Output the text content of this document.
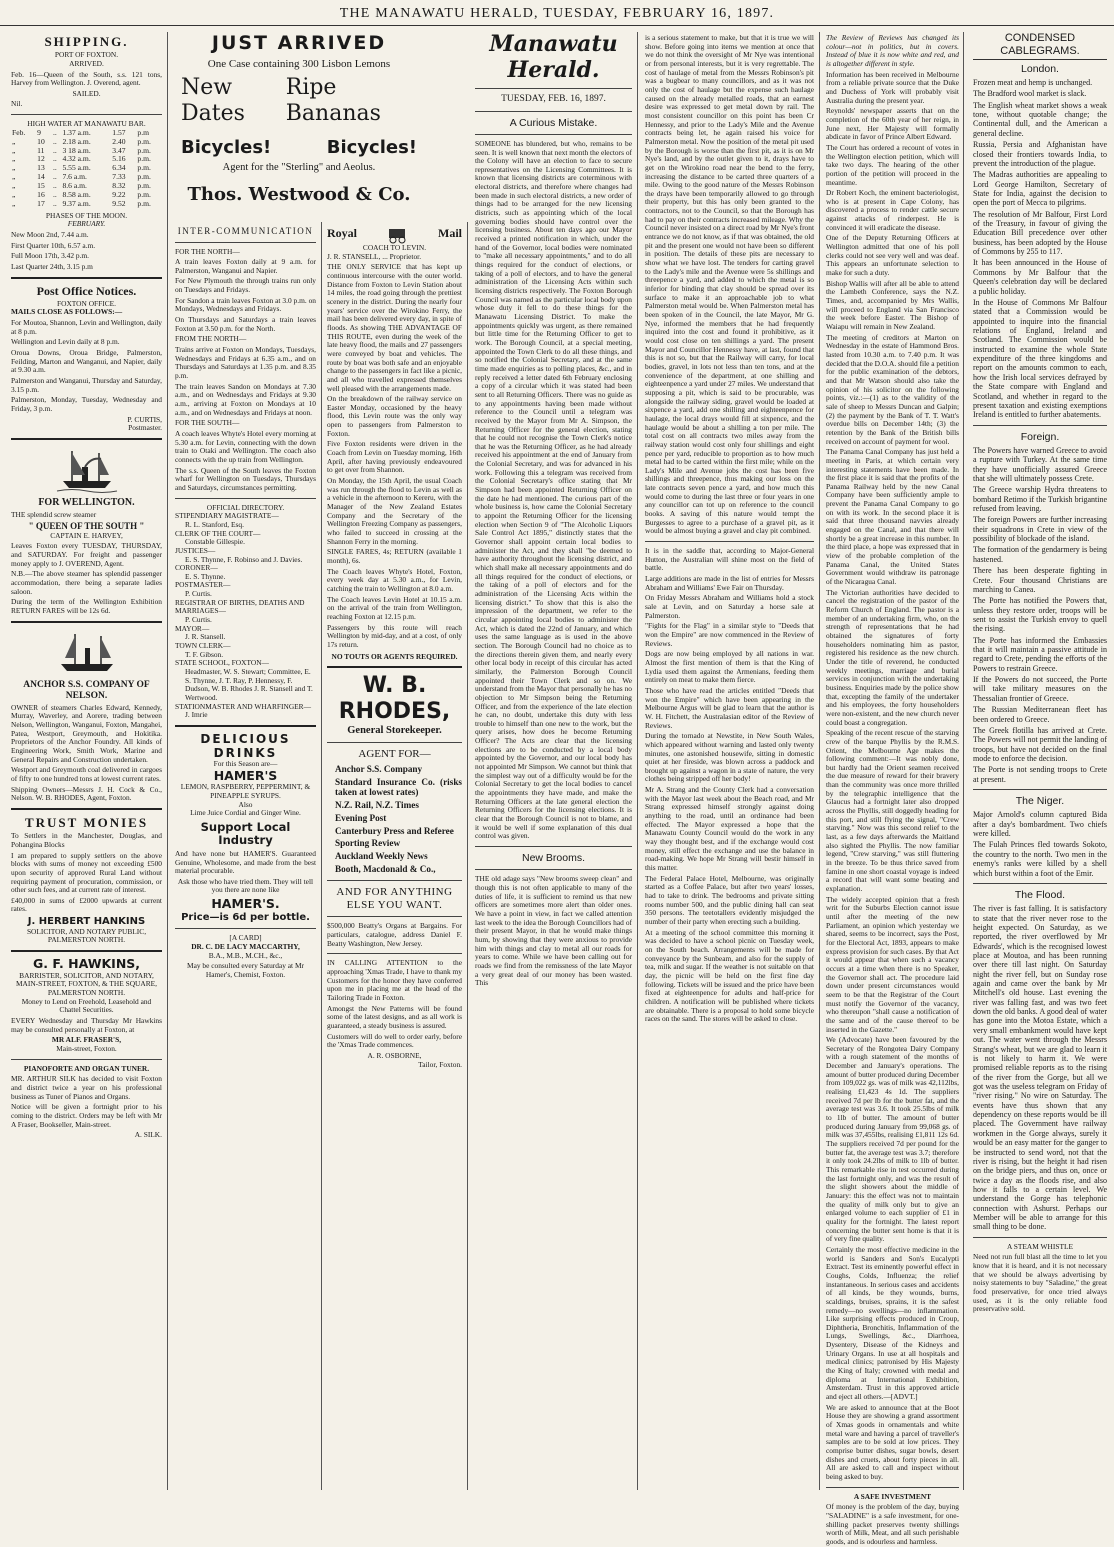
THE MANAWATU HERALD, TUESDAY, FEBRUARY 16, 1897.
SHIPPING.
PORT OF FOXTON.
ARRIVED.

Feb. 16—Queen of the South, s.s. 121 tons, Harvey from Wellington. J. Overend, agent.

SAILED.

Nil.

HIGH WATER AT MANAWATU BAR.
Feb.	9	..	1.37 a.m.	1.57	p.m
„	10	..	2.18 a.m.	2.40	p.m.
„	11	..	3 18 a.m.	3.47	p.m.
„	12	..	4.32 a.m.	5.16	p.m.
„	13	..	5.55 a.m.	6.34	p.m.
„	14	..	7.6 a.m.	7.33	p.m.
„	15	..	8.6 a.m.	8.32	p.m.
„	16	..	8.58 a.m.	9.22	p.m.
„	17	..	9.37 a.m.	9.52	p.m.
PHASES OF THE MOON.
FEBRUARY.

New Moon 2nd, 7.44 a.m.

First Quarter 10th, 6.57 a.m.

Full Moon 17th, 3.42 p.m.

Last Quarter 24th, 3.15 p.m

Post Office Notices.
FOXTON OFFICE.
MAILS CLOSE AS FOLLOWS:—

For Moutoa, Shannon, Levin and Wellington, daily at 8 p.m.

Wellington and Levin daily at 8 p.m.

Oroua Downs, Oroua Bridge, Palmerston, Feilding, Marton and Wanganui, and Napier, daily at 9.30 a.m.

Palmerston and Wanganui, Thursday and Saturday, 3.15 p.m.

Palmerston, Monday, Tuesday, Wednesday and Friday, 3 p.m.

P. CURTIS,
Postmaster.
FOR WELLINGTON.

THE splendid screw steamer

" QUEEN OF THE SOUTH "
CAPTAIN E. HARVEY,

Leaves Foxton every TUESDAY, THURSDAY, and SATURDAY. For freight and passenger money apply to J. OVEREND, Agent.

N.B.—The above steamer has splendid passenger accommodation, there being a separate ladies saloon.

During the term of the Wellington Exhibition RETURN FARES will be 12s 6d.

ANCHOR S.S. COMPANY OF NELSON.

OWNER of steamers Charles Edward, Kennedy, Murray, Waverley, and Aorere, trading between Nelson, Wellington, Wanganui, Foxton, Mangahei, Patea, Westport, Greymouth, and Hokitika. Proprietors of the Anchor Foundry. All kinds of Engineering Work, Smith Work, Marine and General Repairs and Construction undertaken.

Westport and Greymouth coal delivered in cargoes of fifty to one hundred tons at lowest current rates.

Shipping Owners—Messrs J. H. Cock & Co., Nelson. W. B. RHODES, Agent, Foxton.

TRUST MONIES

To Settlers in the Manchester, Douglas, and Pohangina Blocks

I am prepared to supply settlers on the above blocks with sums of money not exceeding £500 upon security of approved Rural Land without requiring payment of procuration, commission, or other such fees, and at current rate of interest.

£40,000 in sums of £2000 upwards at current rates.

J. HERBERT HANKINS
SOLICITOR, AND NOTARY PUBLIC, PALMERSTON NORTH.
G. F. HAWKINS,
BARRISTER, SOLICITOR, AND NOTARY,
MAIN-STREET, FOXTON, & THE SQUARE, PALMERSTON NORTH.
Money to Lend on Freehold, Leasehold and Chattel Securities.

EVERY Wednesday and Thursday Mr Hawkins may be consulted personally at Foxton, at

MR ALF. FRASER'S,
Main-street, Foxton.
PIANOFORTE AND ORGAN TUNER.

MR. ARTHUR SILK has decided to visit Foxton and district twice a year on his professional business as Tuner of Pianos and Organs.

Notice will be given a fortnight prior to his coming to the district. Orders may be left with Mr A Fraser, Bookseller, Main-street.

A. SILK.
JUST ARRIVED
One Case containing 300 Lisbon Lemons
New Dates
Ripe Bananas
Bicycles!	Bicycles!
Agent for the "Sterling" and Aeolus.
Thos. Westwood & Co.
INTER-COMMUNICATION
FOR THE NORTH—

A train leaves Foxton daily at 9 a.m. for Palmerston, Wanganui and Napier.

For New Plymouth the through trains run only on Tuesdays and Fridays.

For Sandon a train leaves Foxton at 3.0 p.m. on Mondays, Wednesdays and Fridays.

On Thursdays and Saturdays a train leaves Foxton at 3.50 p.m. for the North.

FROM THE NORTH—

Trains arrive at Foxton on Mondays, Tuesdays, Wednesdays and Fridays at 6.35 a.m., and on Thursdays and Saturdays at 1.35 p.m. and 8.35 p.m.

The train leaves Sandon on Mondays at 7.30 a.m., and on Wednesdays and Fridays at 9.30 a.m., arriving at Foxton on Mondays at 10 a.m., and on Wednesdays and Fridays at noon.

FOR THE SOUTH—

A coach leaves Whyte's Hotel every morning at 5.30 a.m. for Levin, connecting with the down train to Otaki and Wellington. The coach also connects with the up train from Wellington.

The s.s. Queen of the South leaves the Foxton wharf for Wellington on Tuesdays, Thursdays and Saturdays, circumstances permitting.

OFFICIAL DIRECTORY.
STIPENDIARY MAGISTRATE—
R. L. Stanford, Esq.
CLERK OF THE COURT—
Constable Gillespie.
JUSTICES—
E. S. Thynne, F. Robinso and J. Davies.
CORONER—
E. S. Thynne.
POSTMASTER—
P. Curtis.
REGISTRAR OF BIRTHS, DEATHS AND MARRIAGES—
P. Curtis.
MAYOR—
J. R. Stansell.
TOWN CLERK—
T. F. Gibson.
STATE SCHOOL, FOXTON—
Headmaster, W. S. Stewart; Committee, E. S. Thynne, J. T. Ray, P. Hennessy, F. Dudson, W. B. Rhodes J. R. Stansell and T. Wertwood.
STATIONMASTER AND WHARFINGER—
J. Imrie
DELICIOUS DRINKS
For this Season are—
HAMER'S
LEMON, RASPBERRY, PEPPERMINT, & PINEAPPLE SYRUPS.
Also
Lime Juice Cordial and Ginger Wine.
Support Local Industry

And have none but HAMER'S. Guaranteed Genuine, Wholesome, and made from the best material procurable.

Ask those who have tried them. They will tell you there are none like

HAMER'S.
Price—is 6d per bottle.
[A CARD]
DR. C. DE LACY MACCARTHY,
B.A., M.B., M.CH., &c.,

May be consulted every Saturday at Mr Hamer's, Chemist, Foxton.

Royal	Mail
COACH TO LEVIN.
J. R. STANSELL, ... Proprietor.

THE ONLY SERVICE that has kept up continuous intercourse with the outer world. Distance from Foxton to Levin Station about 14 miles, the road going through the prettiest scenery in the district. During the nearly four years' service over the Wirokino Ferry, the mail has been delivered every day, in spite of floods. As showing THE ADVANTAGE OF THIS ROUTE, even during the week of the late heavy flood, the mails and 27 passengers were conveyed by boat and vehicles. The route by boat was both safe and an enjoyable change to the passengers in fact like a picnic, and all who travelled expressed themselves well pleased with the arrangements made.

On the breakdown of the railway service on Easter Monday, occasioned by the heavy flood, this Levin route was the only way open to passengers from Palmerston to Foxton.

Five Foxton residents were driven in the Coach from Levin on Tuesday morning, 16th April, after having previously endeavoured to get over from Shannon.

On Monday, the 15th April, the usual Coach was run through the flood to Levin as well as a vehicle in the afternoon to Kereru, with the Manager of the New Zealand Estates Company and the Secretary of the Wellington Freezing Company as passengers, who failed to succeed in crossing at the Shannon Ferry in the morning.

SINGLE FARES, 4s; RETURN (available 1 month), 6s.

The Coach leaves Whyte's Hotel, Foxton, every week day at 5.30 a.m., for Levin, catching the train to Wellington at 8.0 a.m.

The Coach leaves Levin Hotel at 10.15 a.m. on the arrival of the train from Wellington, reaching Foxton at 12.15 p.m.

Passengers by this route will reach Wellington by mid-day, and at a cost, of only 17s return.

NO TOUTS OR AGENTS REQUIRED.
W. B. RHODES,
General Storekeeper.
AGENT FOR—

Anchor S.S. Company

Standard Insurance Co. (risks taken at lowest rates)

N.Z. Rail, N.Z. Times

Evening Post

Canterbury Press and Referee

Sporting Review

Auckland Weekly News

Booth, Macdonald & Co.,

AND FOR ANYTHING ELSE YOU WANT.

$500,000 Beatty's Organs at Bargains. For particulars, catalogue, address Daniel F. Beatty Washington, New Jersey.

IN CALLING ATTENTION to the approaching 'Xmas Trade, I have to thank my Customers for the honor they have conferred upon me in placing me at the head of the Tailoring Trade in Foxton.

Amongst the New Patterns will be found some of the latest designs, and as all work is guaranteed, a steady business is assured.

Customers will do well to order early, before the 'Xmas Trade commences.

A. R. OSBORNE,
Tailor, Foxton.
Manawatu Herald.
TUESDAY, FEB. 16, 1897.
A Curious Mistake.

SOMEONE has blundered, but who, remains to be seen. It is well known that next month the electors of the Colony will have an election to face to secure representatives on the Licensing Committees. It is known that licensing districts are coterminous with electoral districts, and therefore where changes had been made in such electoral districts, a new order of things had to be arranged for the new licensing districts, such as appointing which of the local governing bodies should have control over the licensing business. About ten days ago our Mayor received a printed notification in which, under the hand of the Governor, local bodies were nominated to "make all necessary appointments," and to do all things required for the conduct of elections, or taking of a poll of electors, and to have the general administration of the Licensing Acts within such licensing districts respectively. The Foxton Borough Council was named as the particular local body upon whose duty it fell to do these things for the Manawatu Licensing District. To make the appointments quickly was urgent, as there remained but little time for the Returning Officer to get to work. The Borough Council, at a special meeting, appointed the Town Clerk to do all these things, and so notified the Colonial Secretary, and at the same time made enquiries as to polling places, &c., and in reply received a letter dated 6th February enclosing a copy of a circular which it was stated had been sent to all Returning Officers. There was no guide as to any appointments having been made without reference to the Council until a telegram was received by the Mayor from Mr A. Simpson, the Returning Officer for the general election, stating that he could not recognise the Town Clerk's notice that he was the Returning Officer, as he had already received his appointment at the end of January from the Colonial Secretary, and was for advanced in his work. Following this a telegram was received from the Colonial Secretary's office stating that Mr Simpson had been appointed Returning Officer on the date he had mentioned. The curious part of the whole business is, how came the Colonial Secretary to appoint the Returning Officer for the licensing election when Section 9 of "The Alcoholic Liquors Sale Control Act 1895," distinctly states that the Governor shall appoint certain local bodies to administer the Act, and they shall "be deemed to have authority throughout the licensing district, and which shall make all necessary appointments and do all things required for the conduct of elections, or the taking of a poll of electors and for the administration of the Licensing Acts within the licensing district." To show that this is also the impression of the department, we refer to the circular appointing local bodies to administer the Act, which is dated the 22nd of January, and which uses the same language as is used in the above section. The Borough Council had no choice as to the directions therein given them, and nearly every other local body in receipt of this circular has acted similarly, the Palmerston Borough Council appointed their Town Clerk and so on. We understand from the Mayor that personally he has no objection to Mr Simpson being the Returning Officer, and from the experience of the late election he can, no doubt, undertake this duty with less trouble to himself than one new to the work, but the query arises, how does he become Returning Officer? The Acts are clear that the licensing elections are to be conducted by a local body appointed by the Governor, and our local body has not appointed Mr Simpson. We cannot but think that the simplest way out of a difficulty would be for the Colonial Secretary to get the local bodies to cancel the appointments they have made, and make the Returning Officers at the late general election the Returning Officers for the licensing elections. It is clear that the Borough Council is not to blame, and it would be well if some explanation of this dual control was given.

New Brooms.

THE old adage says "New brooms sweep clean" and though this is not often applicable to many of the duties of life, it is sufficient to remind us that new officers are sometimes more alert than older ones. We have a point in view, in fact we called attention last week to the idea the Borough Councillors had of their present Mayor, in that he would make things hum, by showing that they were anxious to provide him with things and clay to metal all our roads for years to come. While we have been calling out for roads we find from the remissness of the late Mayor a very great deal of our money has been wasted. This

is a serious statement to make, but that it is true we will show. Before going into items we mention at once that we do not think the oversight of Mr Nye was intentional or from personal interests, but it is very regrettable. The cost of haulage of metal from the Messrs Robinson's pit was a bugbear to many councillors, and as it was not only the cost of haulage but the expense such haulage caused on the already metalled roads, that an earnest desire was expressed to get metal down by rail. The most consistent councillor on this point has been Cr Hennessy, and prior to the Lady's Mile and the Avenue contracts being let, he again raised his voice for Palmerston metal. Now the position of the metal pit used by the Borough is worse than the first pit, as it is on Mr Nye's land, and by the outlet given to it, drays have to get on the Wirokino road near the bend to the ferry, increasing the distance to be carted three quarters of a mile. Owing to the good nature of the Messrs Robinson the drays have been temporarily allowed to go through their property, but this has only been granted to the contractors, not to the Council, so that the Borough has had to pay on their contracts increased mileage. Why the Council never insisted on a direct road by Mr Nye's front entrance we do not know, as if that was obtained, the old pit and the present one would not have been so different in position. The details of these pits are necessary to show what we have lost. The tenders for carting gravel to the Lady's mile and the Avenue were 5s shillings and threepence a yard, and added to which the metal is so inferior for binding that clay should be spread over its surface to make it an approachable job to what Palmerston metal would be. When Palmerston metal has been spoken of in the Council, the late Mayor, Mr G. Nye, informed the members that he had frequently inquired into the cost and found it prohibitive, as it would cost close on ten shillings a yard. The present Mayor and Councillor Hennessy have, at last, found that this is not so, but that the Railway will carry, for local bodies, gravel, in lots not less than ten tons, and at the convenience of the department, at one shilling and eighteenpence a yard under 27 miles. We understand that supposing a pit, which is said to be procurable, was alongside the railway siding, gravel would be loaded at sixpence a yard, add one shilling and eighteenpence for haulage, the local drays would fill at sixpence, and the haulage would be about a shilling a ton per mile. The total cost on all contracts two miles away from the railway station would cost only four shillings and eight pence per yard, reducible to proportion as to how much metal had to be carted within the first mile; while on the Lady's Mile and Avenue jobs the cost has been five shillings and threepence, thus making our loss on the late contracts seven pence a yard, and how much this would come to during the last three or four years in one any councillor can tot up on reference to the council books. A saving of this nature would tempt the Burgesses to agree to a purchase of a gravel pit, as it would be almost buying a gravel and clay pit combined.

It is in the saddle that, according to Major-General Hutton, the Australian will shine most on the field of battle.

Large additions are made in the list of entries for Messrs Abraham and Williams' Ewe Fair on Thursday.

On Friday Messrs Abraham and Williams hold a stock sale at Levin, and on Saturday a horse sale at Palmerston.

"Fights for the Flag" in a similar style to "Deeds that won the Empire" are now commenced in the Review of Reviews.

Dogs are now being employed by all nations in war. Almost the first mention of them is that the King of Lydia used them against the Armenians, feeding them entirely on meat to make them fierce.

Those who have read the articles entitled "Deeds that won the Empire" which have been appearing in the Melbourne Argus will be glad to learn that the author is W. H. Fitchett, the Australasian editor of the Review of Reviews.

During the tornado at Newstite, in New South Wales, which appeared without warning and lasted only twenty minutes, one astonished housewife, sitting in domestic quiet at her fireside, was blown across a paddock and brought up against a wagon in a state of nature, the very clothes being stripped off her body!

Mr A. Strang and the County Clerk had a conversation with the Mayor last week about the Beach road, and Mr Strang expressed himself strongly against doing anything to the road, until an ordinance had been effected. The Mayor expressed a hope that the Manawatu County Council would do the work in any way they thought best, and if the exchange would cost money, still effect the exchange and use the balance in road-making. We hope Mr Strang will bestir himself in this matter.

The Federal Palace Hotel, Melbourne, was originally started as a Coffee Palace, but after two years' losses, had to take to drink. The bedrooms and private sitting rooms number 500, and the public dining hall can seat 350 persons. The teetotallers evidently misjudged the number of their party when erecting such a building.

At a meeting of the school committee this morning it was decided to have a school picnic on Tuesday week, on the South beach. Arrangements will be made for conveyance by the Sunbeam, and also for the supply of tea, milk and sugar. If the weather is not suitable on that day, the picnic will be held on the first fine day following. Tickets will be issued and the price have been fixed at eighteenpence for adults and half-price for children. A notification will be published where tickets are obtainable. There is a proposal to hold some bicycle races on the sand. The stores will be asked to close.

The Review of Reviews has changed its colour—not in politics, but in covers. Instead of blue it is now white and red, and is altogether different in style.

Information has been received in Melbourne from a reliable private source that the Duke and Duchess of York will probably visit Australia during the present year.

Reynolds' newspaper asserts that on the completion of the 60th year of her reign, in June next, Her Majesty will formally abdicate in favor of Prince Albert Edward.

The Court has ordered a recount of votes in the Wellington election petition, which will take two days. The hearing of the other portion of the petition will proceed in the meantime.

Dr Robert Koch, the eminent bacteriologist, who is at present in Cape Colony, has discovered a process to render cattle secure against attacks of rinderpest. He is convinced it will eradicate the disease.

One of the Deputy Returning Officers at Wellington admitted that one of his poll clerks could not see very well and was deaf. This appears an unfortunate selection to make for such a duty.

Bishop Wallis will after all be able to attend the Lambeth Conference, says the N.Z. Times, and, accompanied by Mrs Wallis, will proceed to England via San Francisco the week before Easter. The Bishop of Waiapu will remain in New Zealand.

The meeting of creditors at Marton on Wednesday in the estate of Hammond Bros. lasted from 10.30 a.m. to 7.40 p.m. It was decided that the D.O.A. should file a petition for the public examination of the debtors, and that Mr Watson should also take the opinion of his solicitor on the following points, viz.:—(1) as to the validity of the sale of sheep to Messrs Duncan and Galpin; (2) the payment by the Bank of T. T. Watt's overdue bills on December 14th; (3) the retention by the Bank of the British bills received on account of payment for wool.

The Panama Canal Company has just held a meeting in Paris, at which certain very interesting statements have been made. In the first place it is said that the profits of the Panama Railway held by the new Canal Company have been sufficiently ample to prevent the Panama Canal Company to go on with its work. In the second place it is said that three thousand navvies already engaged on the Canal, and that there will shortly be a great increase in this number. In the third place, a hope was expressed that in view of the probable completion of the Panama Canal, the United States Government would withdraw its patronage of the Nicaragua Canal.

The Victorian authorities have decided to cancel the registration of the pastor of the Reform Church of England. The pastor is a member of an undertaking firm, who, on the strength of representations that he had obtained the signatures of forty householders nominating him as pastor, registered his residence as the new church. Under the title of reverend, he conducted weekly meetings, marriage and burial services in conjunction with the undertaking business. Enquiries made by the police show that, excepting the family of the undertaker and his employees, the forty householders were non-existent, and the new church never could boast a congregation.

Speaking of the recent rescue of the starving crew of the barque Phyllis by the R.M.S. Orient, the Melbourne Age makes the following comment:—It was nobly done, but hardly had the Orient seamen received the due measure of reward for their bravery than the community was once more thrilled by the telegraphic intelligence that the Glaucus had a fortnight later also dropped across the Phyllis, still doggedly heading for this port, and still flying the signal, "Crew starving." Now was this second relief to the last, as a few days afterwards the Maitland also sighted the Phyllis. The now familiar legend, "Crew starving," was still fluttering in the breeze. To be thus thrice saved from famine in one short coastal voyage is indeed a record that will want some beating and explanation.

The widely accepted opinion that a fresh writ for the Suburbs Election cannot issue until after the meeting of the new Parliament, an opinion which yesterday we shared, seems to be incorrect, says the Post, for the Electoral Act, 1893, appears to make express provision for such cases. By that Act it would appear that when such a vacancy occurs at a time when there is no Speaker, the Governor shall act. The procedure laid down under present circumstances would seem to be that the Registrar of the Court must notify the Governor of the vacancy, who thereupon "shall cause a notification of the same and of the cause thereof to be inserted in the Gazette."

We (Advocate) have been favoured by the Secretary of the Rongotea Dairy Company with a rough statement of the months of December and January's operations. The amount of butter produced during December from 109,022 gs. was of milk was 42,112lbs, realising £1,423 4s 1d. The suppliers received 7d per lb for the butter fat, and the average test was 3.6. It took 25.5lbs of milk to 1lb of butter. The amount of butter produced during January from 99,068 gs. of milk was 37,455lbs, realising £1,811 12s 6d. The suppliers received 7d per pound for the butter fat, the average test was 3.7; therefore it only took 24.2lbs of milk to 1lb of butter. This remarkable rise in test occurred during the last fortnight only, and was the result of the slight showers about the middle of January: this the effect was not to maintain the quality of milk only but to give an enlarged volume to each supplier of £1 in quality for the fortnight. The latest report concerning the butter sent home is that it is of very fine quality.

Certainly the most effective medicine in the world is Sanders and Son's Eucalypti Extract. Test its eminently powerful effect in Coughs, Colds, Influenza; the relief instantaneous. In serious cases and accidents of all kinds, be they wounds, burns, scaldings, bruises, sprains, it is the safest remedy—no swellings—no inflammation. Like surprising effects produced in Croup, Diphtheria, Bronchitis, Inflammation of the Lungs, Swellings, &c., Diarrhoea, Dysentery, Disease of the Kidneys and Urinary Organs. In use at all hospitals and medical clinics; patronised by His Majesty the King of Italy; crowned with medal and diploma at International Exhibition, Amsterdam. Trust in this approved article and eject all others.—[ADVT.]

We are asked to announce that at the Boot House they are showing a grand assortment of Xmas goods in ornamentals and white metal ware and having a parcel of traveller's samples are to be sold at low prices. They comprise butter dishes, sugar bowls, desert dishes and cruets, about forty pieces in all. All are asked to call and inspect without being asked to buy.

A SAFE INVESTMENT

Of money is the problem of the day, buying "SALADINE" is a safe investment, for one-shilling packet preserves twenty shillings worth of Milk, Meat, and all such perishable goods, and is odourless and harmless.

CONDENSED CABLEGRAMS.
London.

Frozen meat and hemp is unchanged.

The Bradford wool market is slack.

The English wheat market shows a weak tone, without quotable change; the Continental dull, and the American a general decline.

Russia, Persia and Afghanistan have closed their frontiers towards India, to prevent the introduction of the plague.

The Madras authorities are appealing to Lord George Hamilton, Secretary of State for India, against the decision to open the port of Mecca to pilgrims.

The resolution of Mr Balfour, First Lord of the Treasury, in favour of giving the Education Bill precedence over other business, has been adopted by the House of Commons by 255 to 117.

It has been announced in the House of Commons by Mr Balfour that the Queen's celebration day will be declared a public holiday.

In the House of Commons Mr Balfour stated that a Commission would be appointed to inquire into the financial relations of England, Ireland and Scotland. The Commission would be instructed to examine the whole State expenditure of the three kingdoms and report on the amounts common to each, how the Irish local services defrayed by the State compare with England and Scotland, and whether in regard to the present taxation and existing exemptions Ireland is entitled to further abatements.

Foreign.

The Powers have warned Greece to avoid a rupture with Turkey. At the same time they have unofficially assured Greece that she will ultimately possess Crete.

The Greece warship Hydra threatens to bombard Retimo if the Turkish brigantine refused from leaving.

The foreign Powers are further increasing their squadrons in Crete in view of the possibility of blockade of the island.

The formation of the gendarmery is being hastened.

There has been desperate fighting in Crete. Four thousand Christians are marching to Canea.

The Porte has notified the Powers that, unless they restore order, troops will be sent to assist the Turkish envoy to quell the rising.

The Porte has informed the Embassies that it will maintain a passive attitude in regard to Crete, pending the efforts of the Powers to restrain Greece.

If the Powers do not succeed, the Porte will take military measures on the Thessalian frontier of Greece.

The Russian Mediterranean fleet has been ordered to Greece.

The Greek flotilla has arrived at Crete. The Powers will not permit the landing of troops, but have not decided on the final mode to enforce the decision.

The Porte is not sending troops to Crete at present.

The Niger.

Major Arnold's column captured Bida after a day's bombardment. Two chiefs were killed.

The Fulah Princes fled towards Sokoto, the country to the north. Two men in the enemy's ranks were killed by a shell which burst within a foot of the Emir.

The Flood.

The river is fast falling. It is satisfactory to state that the river never rose to the height expected. On Saturday, as we reported, the river overflowed by Mr Edwards', which is the recognised lowest place at Moutoa, and has been running over there till last night. On Saturday night the river fell, but on Sunday rose again and came over the bank by Mr Mitchell's old house. Last evening the river was falling fast, and was two feet down the old banks. A good deal of water has gone into the Motoa Estate, which a very small embankment would have kept out. The water went through the Messrs Strang's wheat, but we are glad to learn it is not likely to harm it. We were promised reliable reports as to the rising of the river from the Gorge, but all we got was the useless telegram on Friday of "river rising." No wire on Saturday. The events have thus shown that any dependency on these reports would be ill placed. The Government have railway workmen in the Gorge always, surely it would be an easy matter for the ganger to be instructed to send word, not that the river is rising, but the height it had risen on the bridge piers, and thus on, once or twice a day as the floods rise, and also how it falls to a certain level. We understand the Gorge has telephonic connection with Ashurst. Perhaps our Member will be able to arrange for this small thing to be done.

A STEAM WHISTLE

Need not run full blast all the time to let you know that it is heard, and it is not necessary that we should be always advertising by noisy statements to buy "Saladine," the great food preservative, for once tried always used, as it is the only reliable food preservative sold.
